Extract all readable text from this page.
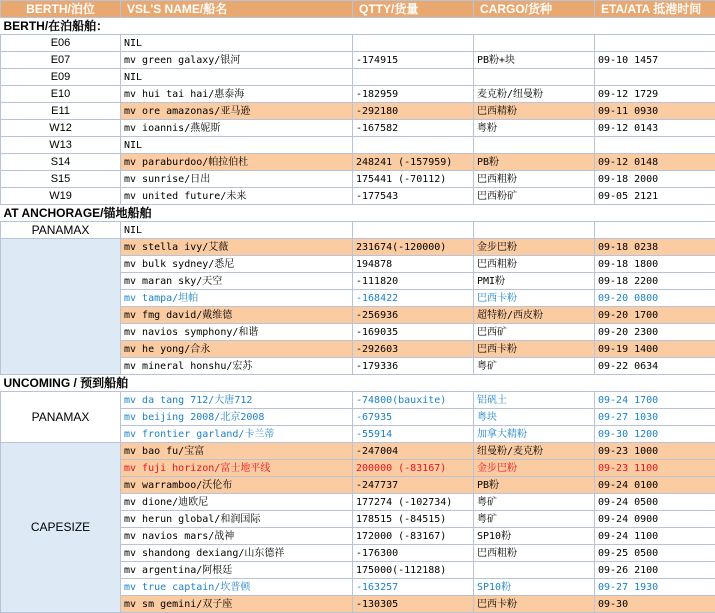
BERTH/泊位	VSL'S NAME/船名	QTTY/货量	CARGO/货种	ETA/ATA 抵港时间
BERTH/在泊船舶：				
E06	NIL			
E07	mv green galaxy/银河	-174915	PB粉+块	09-10 1457
E09	NIL			
E10	mv hui tai hai/惠泰海	-182959	麦克粉/纽曼粉	09-12 1729
E11	mv ore amazonas/亚马逊	-292180	巴西精粉	09-11 0930
W12	mv ioannis/燕妮斯	-167582	粤粉	09-12 0143
W13	NIL			
S14	mv paraburdoo/帕拉伯杜	248241 (-157959)	PB粉	09-12 0148
S15	mv sunrise/日出	175441 (-70112)	巴西粗粉	09-18 2000
W19	mv united future/未来	-177543	巴西粉矿	09-05 2121
AT ANCHORAGE/锚地船舶				
PANAMAX	NIL			
	mv stella ivy/艾薇	231674(-120000)	金步巴粉	09-18 0238
	mv bulk sydney/悉尼	194878	巴西粗粉	09-18 1800
	mv maran sky/天空	-111820	PMI粉	09-18 2200
	mv tampa/坦帕	-168422	巴西卡粉	09-20 0800
	mv fmg david/戴维德	-256936	超特粉/西皮粉	09-20 1700
	mv navios symphony/和谐	-169035	巴西矿	09-20 2300
	mv he yong/合永	-292603	巴西卡粉	09-19 1400
	mv mineral honshu/宏苏	-179336	粤矿	09-22 0634
UNCOMING / 预到船舶				
PANAMAX	mv da tang 712/大唐712	-74800(bauxite)	铝矾土	09-24 1700
	mv beijing 2008/北京2008	-67935	粤块	09-27 1030
	mv frontier garland/卡兰蒂	-55914	加拿大精粉	09-30 1200
CAPESIZE	mv bao fu/宝富	-247004	纽曼粉/麦克粉	09-23 1000
	mv fuji horizon/富士地平线	200000 (-83167)	金步巴粉	09-23 1100
	mv warramboo/沃伦布	-247737	PB粉	09-24 0100
	mv dione/迪欧尼	177274 (-102734)	粤矿	09-24 0500
	mv herun global/和润国际	178515 (-84515)	粤矿	09-24 0900
	mv navios mars/战神	172000 (-83167)	SP10粉	09-24 1100
	mv shandong dexiang/山东德祥	-176300	巴西粗粉	09-25 0500
	mv argentina/阿根廷	175000(-112188)		09-26 2100
	mv true captain/坎普顿	-163257	SP10粉	09-27 1930
	mv sm gemini/双子座	-130305	巴西卡粉	09-30
